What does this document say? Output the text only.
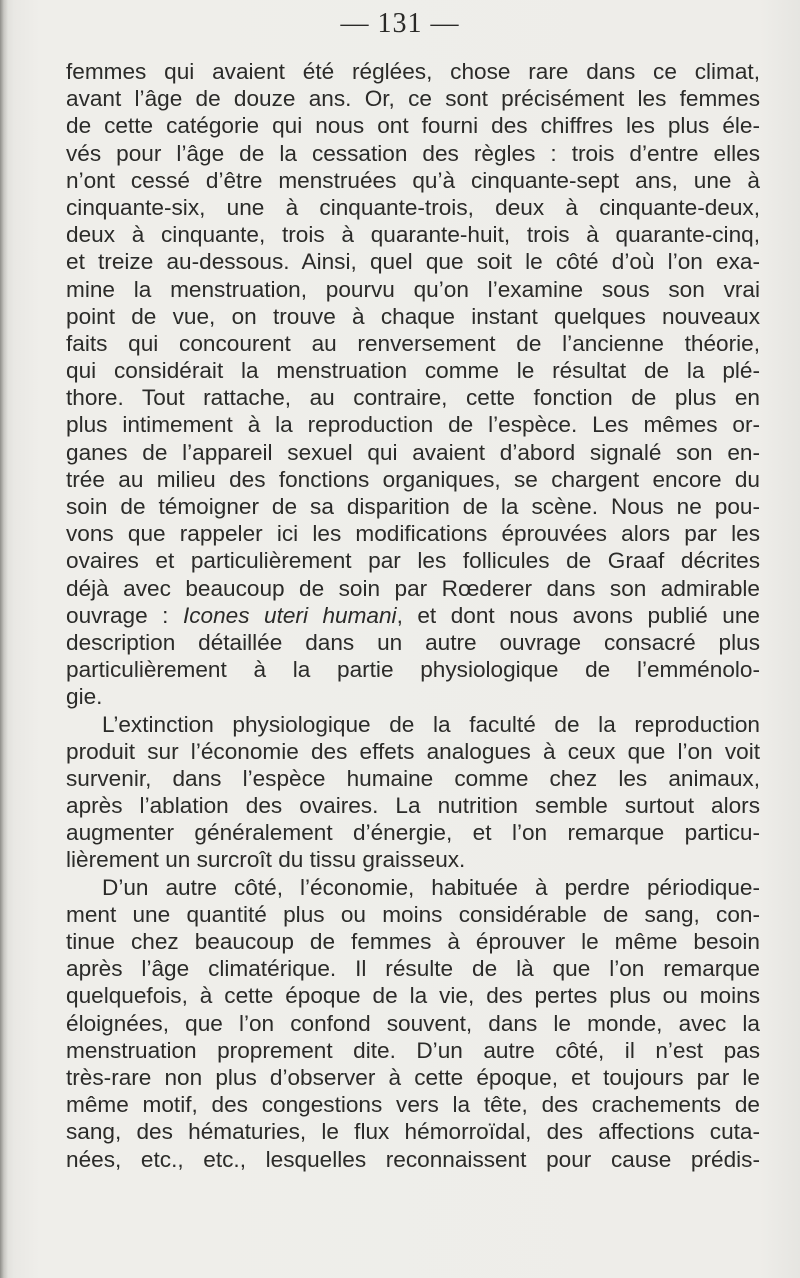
— 131 —
femmes qui avaient été réglées, chose rare dans ce climat,
avant l’âge de douze ans. Or, ce sont précisément les femmes
de cette catégorie qui nous ont fourni des chiffres les plus éle-
vés pour l’âge de la cessation des règles : trois d’entre elles
n’ont cessé d’être menstruées qu’à cinquante-sept ans, une à
cinquante-six, une à cinquante-trois, deux à cinquante-deux,
deux à cinquante, trois à quarante-huit, trois à quarante-cinq,
et treize au-dessous. Ainsi, quel que soit le côté d’où l’on exa-
mine la menstruation, pourvu qu’on l’examine sous son vrai
point de vue, on trouve à chaque instant quelques nouveaux
faits qui concourent au renversement de l’ancienne théorie,
qui considérait la menstruation comme le résultat de la plé-
thore. Tout rattache, au contraire, cette fonction de plus en
plus intimement à la reproduction de l’espèce. Les mêmes or-
ganes de l’appareil sexuel qui avaient d’abord signalé son en-
trée au milieu des fonctions organiques, se chargent encore du
soin de témoigner de sa disparition de la scène. Nous ne pou-
vons que rappeler ici les modifications éprouvées alors par les
ovaires et particulièrement par les follicules de Graaf décrites
déjà avec beaucoup de soin par Rœderer dans son admirable
ouvrage : Icones uteri humani, et dont nous avons publié une
description détaillée dans un autre ouvrage consacré plus
particulièrement à la partie physiologique de l’emménolo-
gie.
L’extinction physiologique de la faculté de la reproduction
produit sur l’économie des effets analogues à ceux que l’on voit
survenir, dans l’espèce humaine comme chez les animaux,
après l’ablation des ovaires. La nutrition semble surtout alors
augmenter généralement d’énergie, et l’on remarque particu-
lièrement un surcroît du tissu graisseux.
D’un autre côté, l’économie, habituée à perdre périodique-
ment une quantité plus ou moins considérable de sang, con-
tinue chez beaucoup de femmes à éprouver le même besoin
après l’âge climatérique. Il résulte de là que l’on remarque
quelquefois, à cette époque de la vie, des pertes plus ou moins
éloignées, que l’on confond souvent, dans le monde, avec la
menstruation proprement dite. D’un autre côté, il n’est pas
très-rare non plus d’observer à cette époque, et toujours par le
même motif, des congestions vers la tête, des crachements de
sang, des hématuries, le flux hémorroïdal, des affections cuta-
nées, etc., etc., lesquelles reconnaissent pour cause prédis-
